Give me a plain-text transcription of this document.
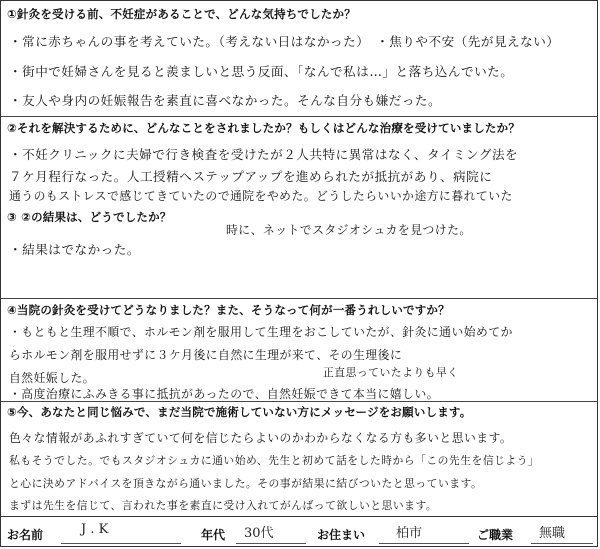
①針灸を受ける前、不妊症があることで、どんな気持ちでしたか？
・常に赤ちゃんの事を考えていた。（考えない日はなかった）　・焦りや不安（先が見えない）
・街中で妊婦さんを見ると羨ましいと思う反面、「なんで私は…」と落ち込んでいた。
・友人や身内の妊娠報告を素直に喜べなかった。そんな自分も嫌だった。
②それを解決するために、どんなことをされましたか？もしくはどんな治療を受けていましたか？
・不妊クリニックに夫婦で行き検査を受けたが２人共特に異常はなく、タイミング法を
７ケ月程行なった。人工授精へステップアップを進められたが抵抗があり、病院に
通うのもストレスで感じてきていたので通院をやめた。どうしたらいいか途方に暮れていた
時に、ネットでスタジオシュカを見つけた。
③ ②の結果は、どうでしたか？
・結果はでなかった。
④当院の針灸を受けてどうなりました？また、そうなって何が一番うれしいですか？
・もともと生理不順で、ホルモン剤を服用して生理をおこしていたが、針灸に通い始めてか
らホルモン剤を服用せずに３ケ月後に自然に生理が来て、その生理後に
自然妊娠した。	正直思っていたよりも早く
・高度治療にふみきる事に抵抗があったので、自然妊娠できて本当に嬉しい。
⑤今、あなたと同じ悩みで、まだ当院で施術していない方にメッセージをお願いします。
色々な情報があふれすぎていて何を信じたらよいのかわからなくなる方も多いと思います。
私もそうでした。でもスタジオシュカに通い始め、先生と初めて話をした時から「この先生を信じよう」
と心に決めアドバイスを頂きながら通いました。その事が結果に結びついたと思っています。
まずは先生を信じて、言われた事を素直に受け入れてがんばって欲しいと思います。
お名前	J . K	年代 30代	お住まい 柏市	ご職業 無職
